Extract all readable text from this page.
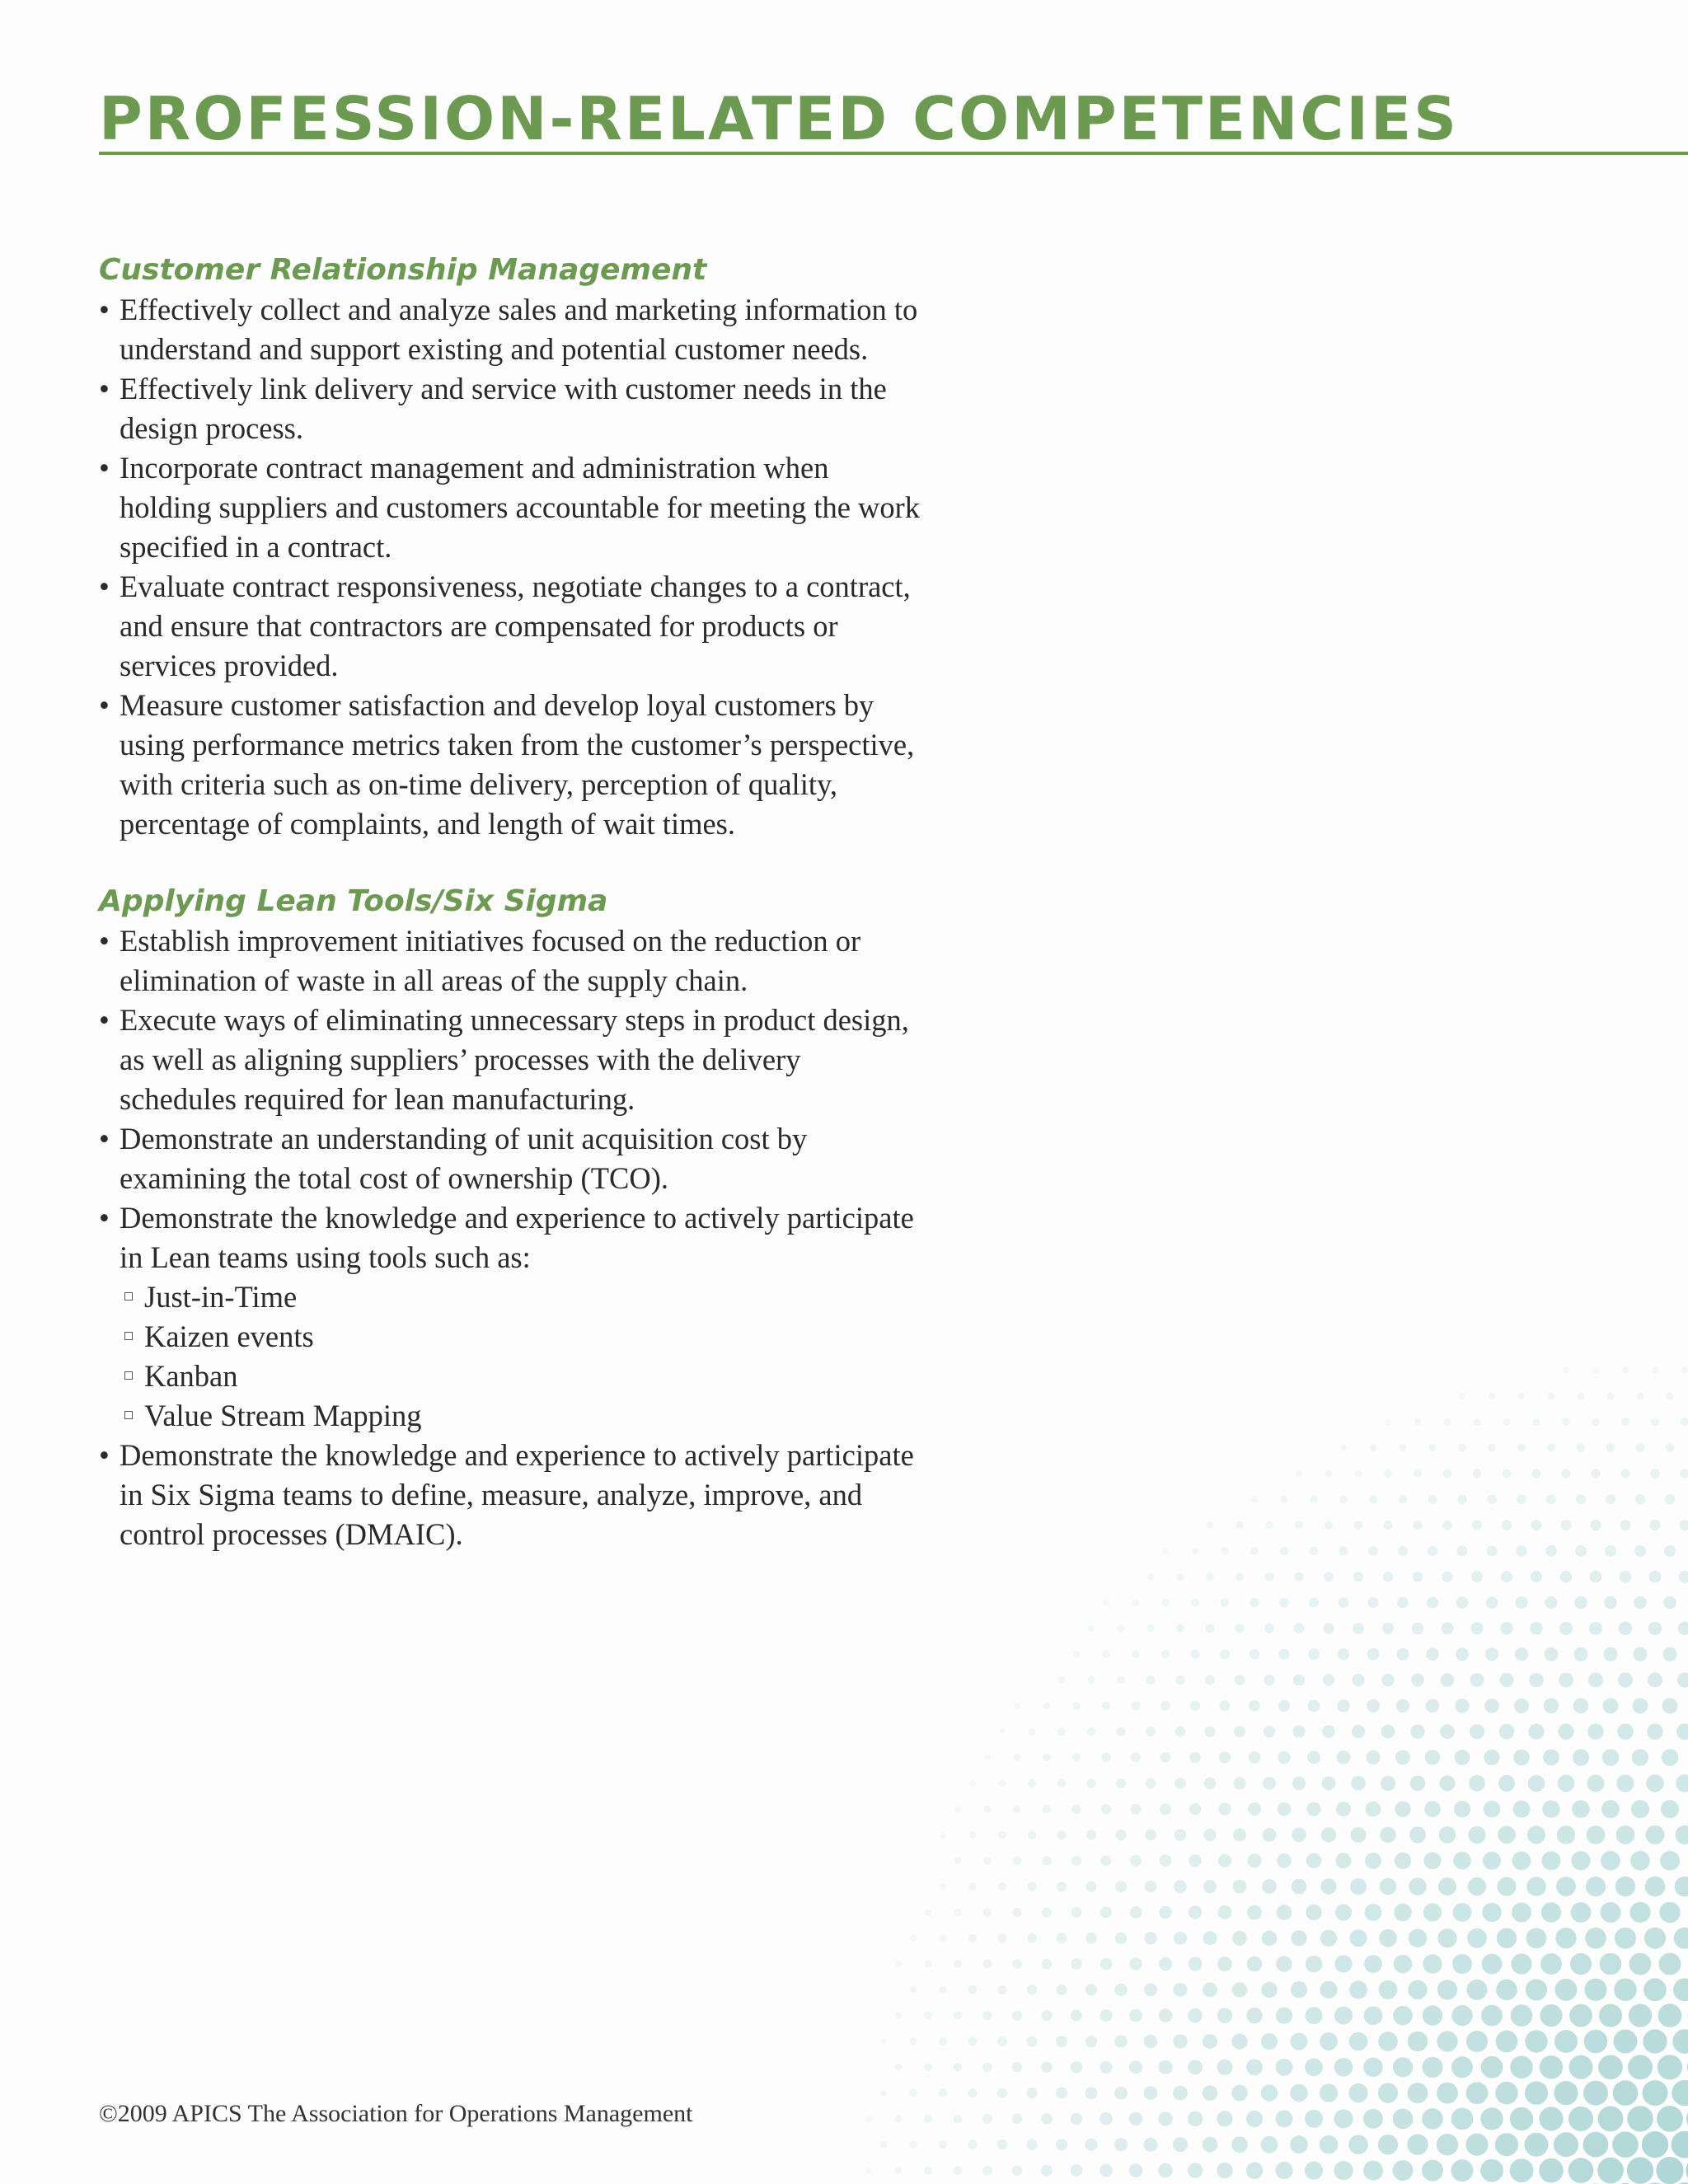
PROFESSION-RELATED COMPETENCIES
Customer Relationship Management
• Effectively collect and analyze sales and marketing information to understand and support existing and potential customer needs.
• Effectively link delivery and service with customer needs in the design process.
• Incorporate contract management and administration when holding suppliers and customers accountable for meeting the work specified in a contract.
• Evaluate contract responsiveness, negotiate changes to a contract, and ensure that contractors are compensated for products or services provided.
• Measure customer satisfaction and develop loyal customers by using performance metrics taken from the customer’s perspective, with criteria such as on-time delivery, perception of quality, percentage of complaints, and length of wait times.
Applying Lean Tools/Six Sigma
• Establish improvement initiatives focused on the reduction or elimination of waste in all areas of the supply chain.
• Execute ways of eliminating unnecessary steps in product design, as well as aligning suppliers’ processes with the delivery schedules required for lean manufacturing.
• Demonstrate an understanding of unit acquisition cost by examining the total cost of ownership (TCO).
• Demonstrate the knowledge and experience to actively participate in Lean teams using tools such as:
Just-in-Time
Kaizen events
Kanban
Value Stream Mapping
• Demonstrate the knowledge and experience to actively participate in Six Sigma teams to define, measure, analyze, improve, and control processes (DMAIC).
©2009 APICS The Association for Operations Management
